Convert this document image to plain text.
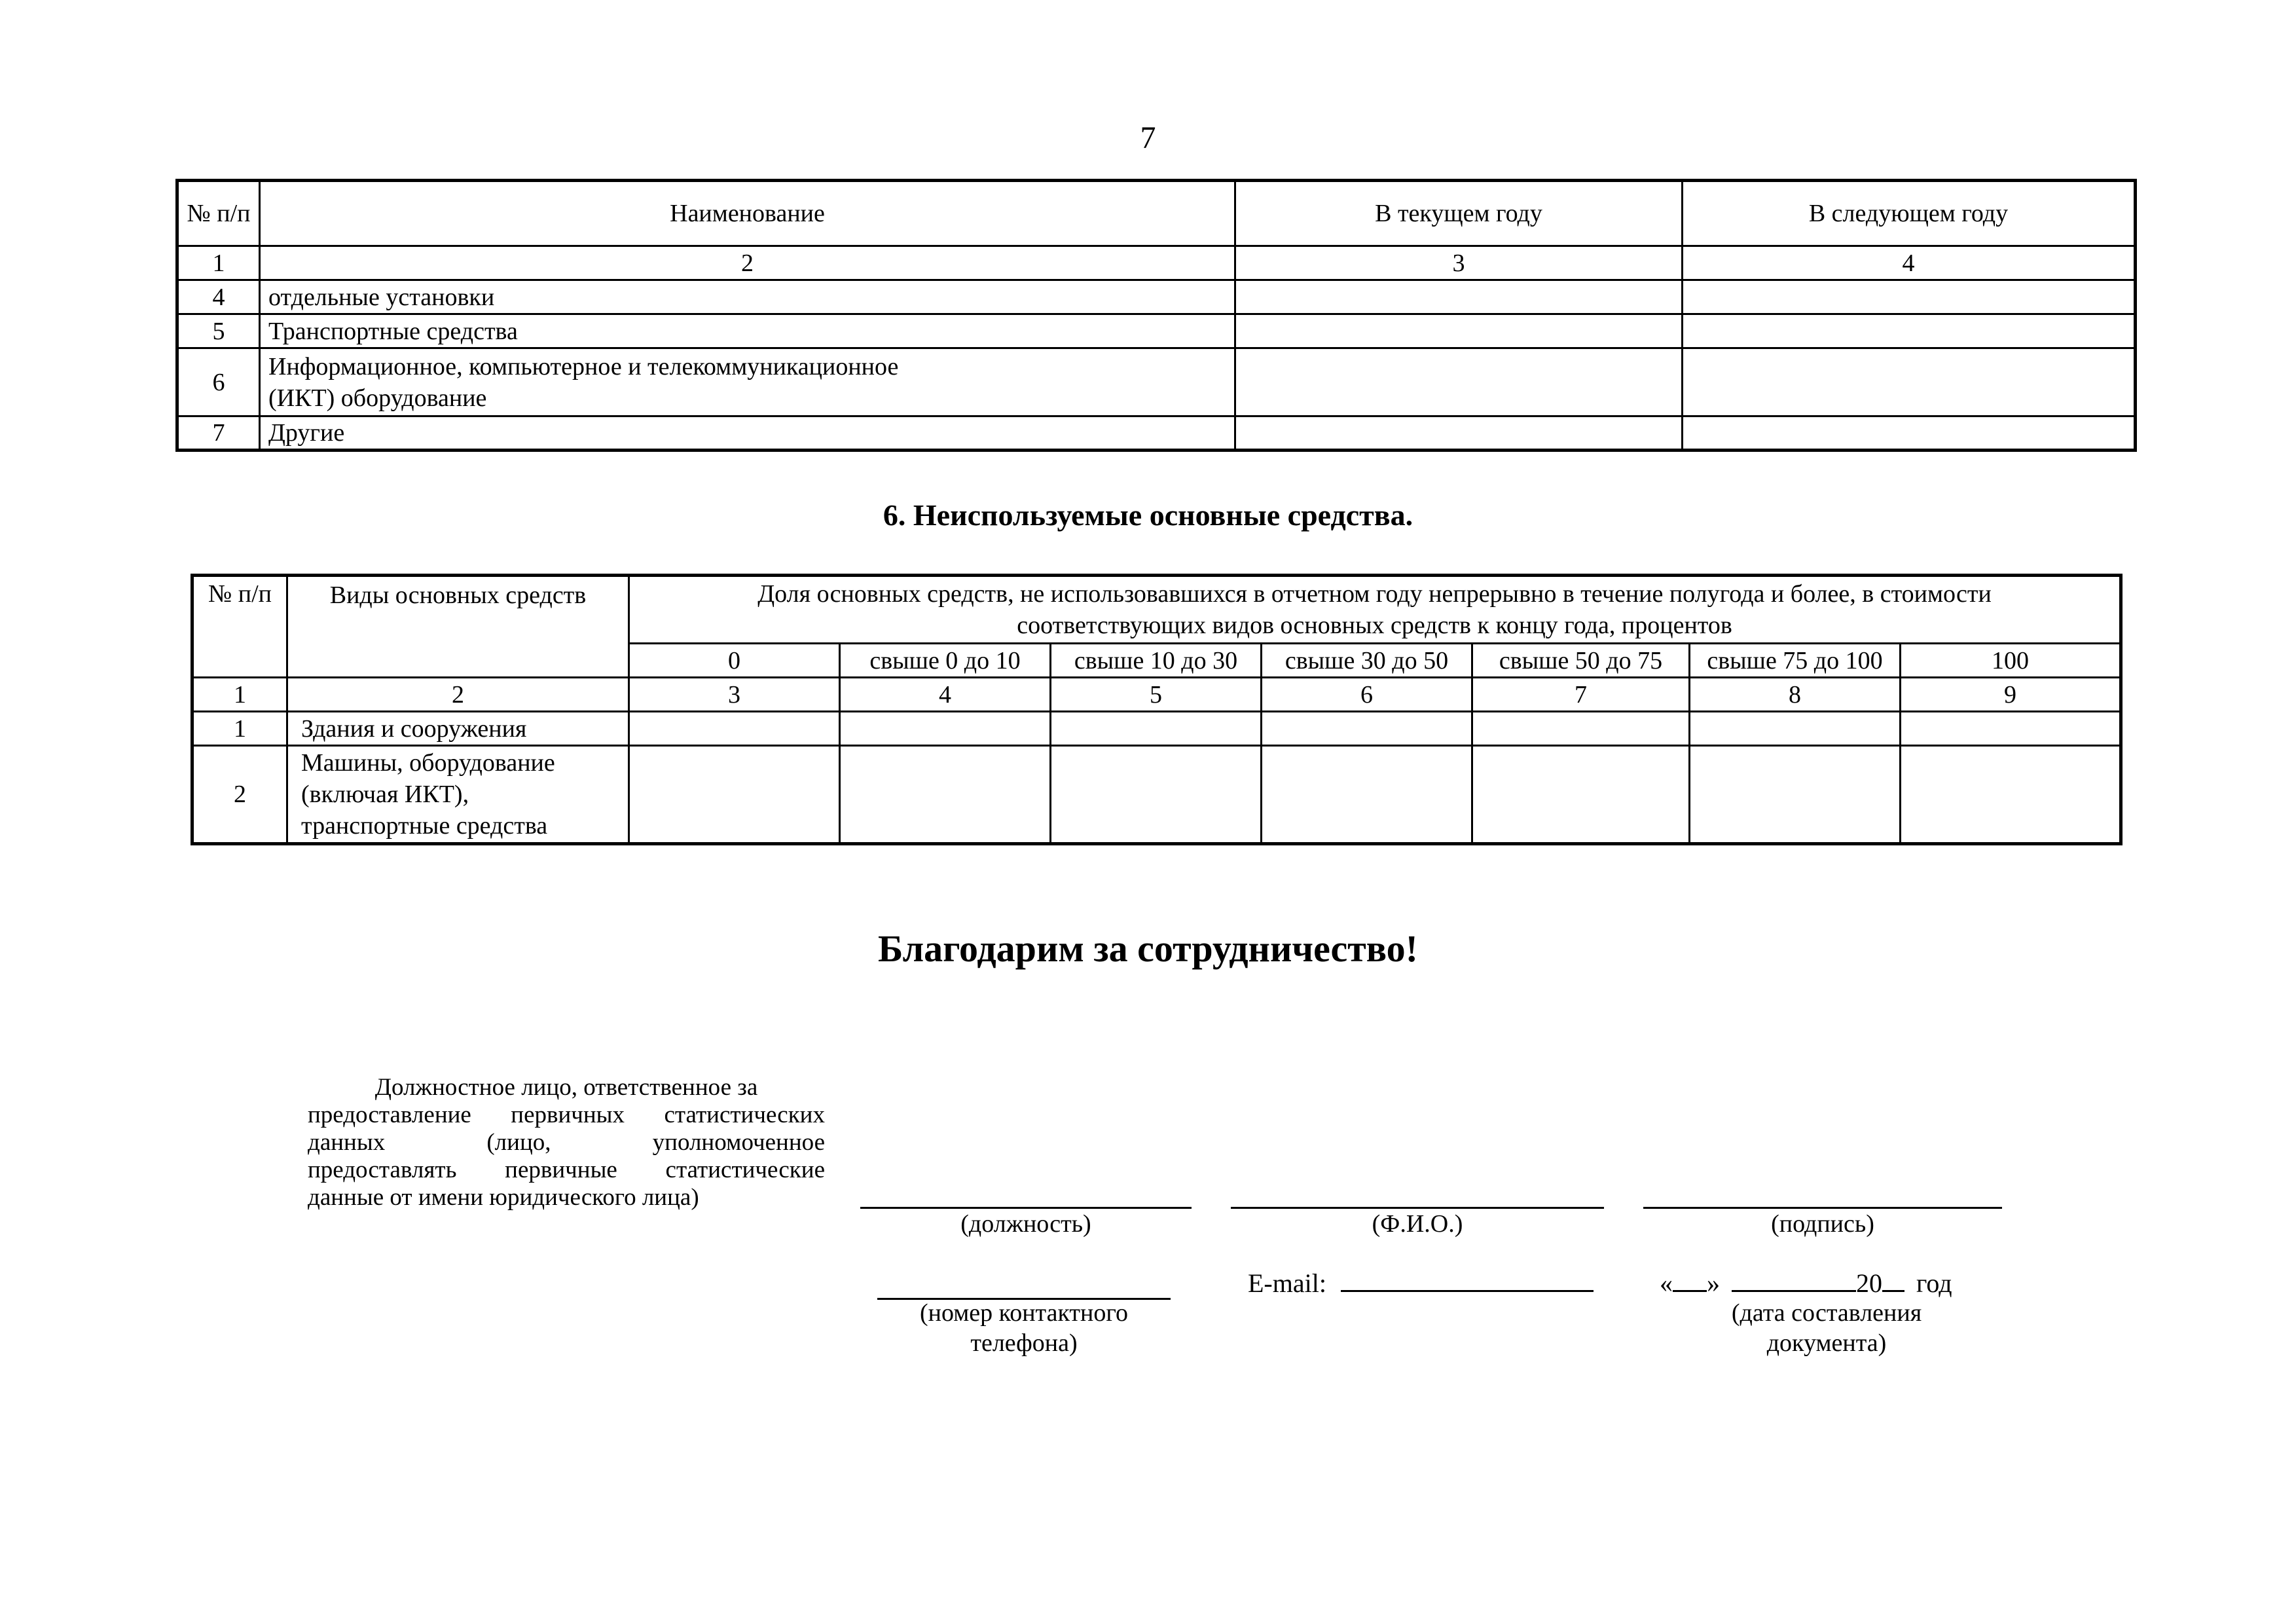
7
№ п/п	Наименование	В текущем году	В следующем году
1	2	3	4
4	отдельные установки		
5	Транспортные средства		
6	Информационное, компьютерное и телекоммуникационное (ИКТ) оборудование		
7	Другие		
6. Неиспользуемые основные средства.
№ п/п	Виды основных средств	Доля основных средств, не использовавшихся в отчетном году непрерывно в течение полугода и более, в стоимости соответствующих видов основных средств к концу года, процентов						
		0	свыше 0 до 10	свыше 10 до 30	свыше 30 до 50	свыше 50 до 75	свыше 75 до 100	100
1	2	3	4	5	6	7	8	9
1	Здания и сооружения							
2	Машины, оборудование (включая ИКТ), транспортные средства							
Благодарим за сотрудничество!
Должностное лицо, ответственное за
предоставление первичных статистических
данных (лицо, уполномоченное
предоставлять первичные статистические
данные от имени юридического лица)
(должность)	(Ф.И.О.)	(подпись)
(номер контактного
телефона)
E-mail:	« »	20 год
(дата составления
документа)
